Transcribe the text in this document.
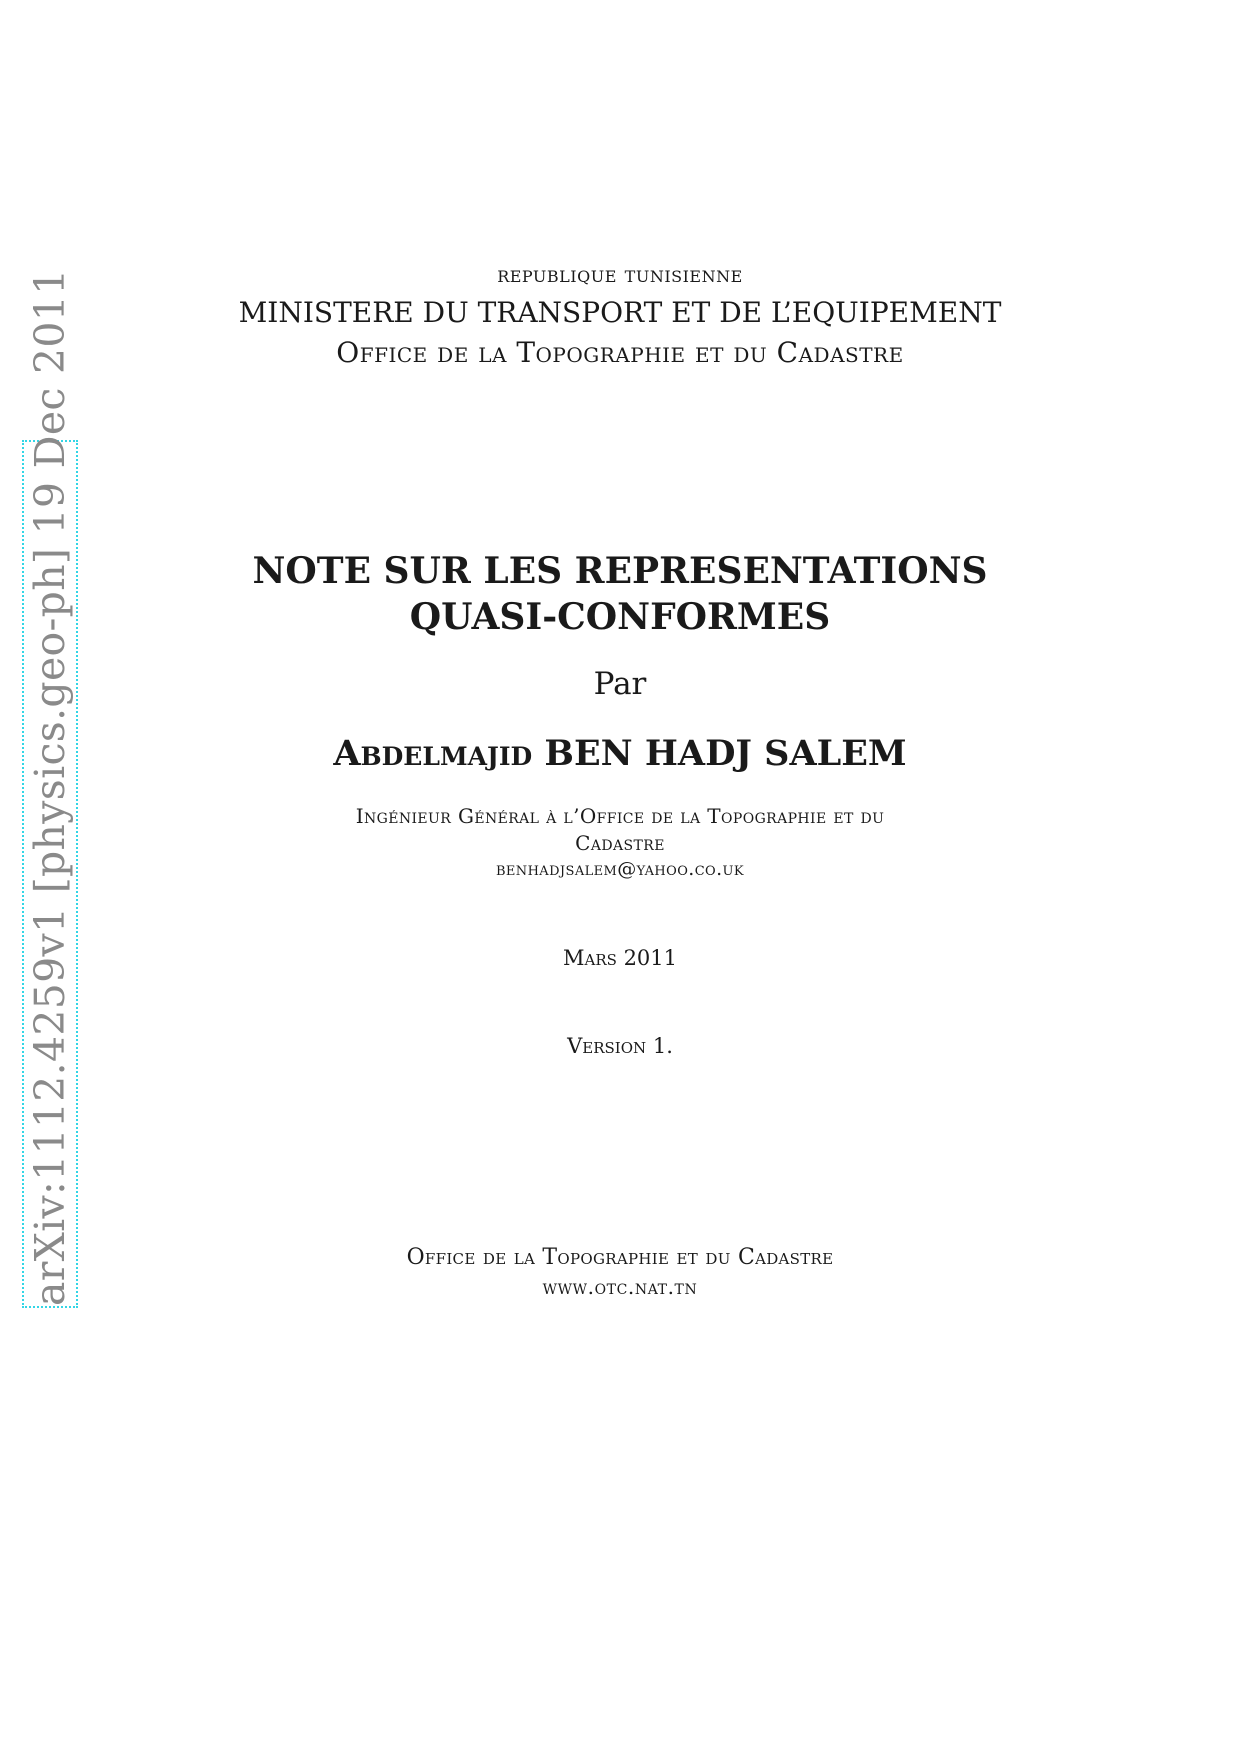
arXiv:1112.4259v1 [physics.geo-ph] 19 Dec 2011	republique tunisienne
MINISTERE DU TRANSPORT ET DE L’EQUIPEMENT
Office de la Topographie et du Cadastre
NOTE SUR LES REPRESENTATIONS
QUASI-CONFORMES
Par
Abdelmajid BEN HADJ SALEM
Ingénieur Général à l’Office de la Topographie et du
Cadastre
benhadjsalem@yahoo.co.uk
Mars 2011
Version 1.
Office de la Topographie et du Cadastre
www.otc.nat.tn
